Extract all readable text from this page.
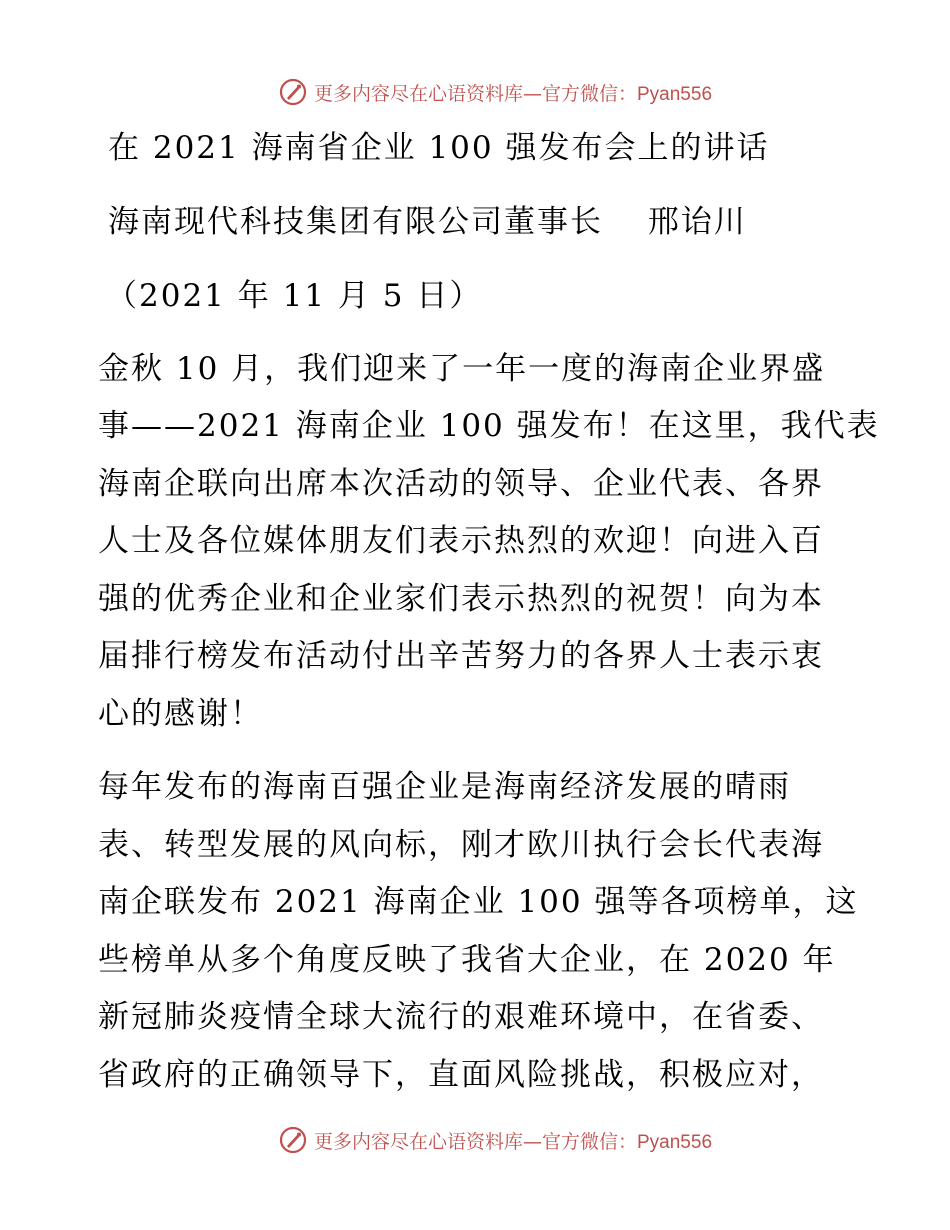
更多内容尽在心语资料库—官方微信：Pyan556
在 2021 海南省企业 100 强发布会上的讲话
海南现代科技集团有限公司董事长　 邢诒川
（2021 年 11 月 5 日）
金秋 10 月，我们迎来了一年一度的海南企业界盛
事——2021 海南企业 100 强发布！在这里，我代表
海南企联向出席本次活动的领导、企业代表、各界
人士及各位媒体朋友们表示热烈的欢迎！向进入百
强的优秀企业和企业家们表示热烈的祝贺！向为本
届排行榜发布活动付出辛苦努力的各界人士表示衷
心的感谢！
每年发布的海南百强企业是海南经济发展的晴雨
表、转型发展的风向标，刚才欧川执行会长代表海
南企联发布 2021 海南企业 100 强等各项榜单，这
些榜单从多个角度反映了我省大企业，在 2020 年
新冠肺炎疫情全球大流行的艰难环境中，在省委、
省政府的正确领导下，直面风险挑战，积极应对，
更多内容尽在心语资料库—官方微信：Pyan556
